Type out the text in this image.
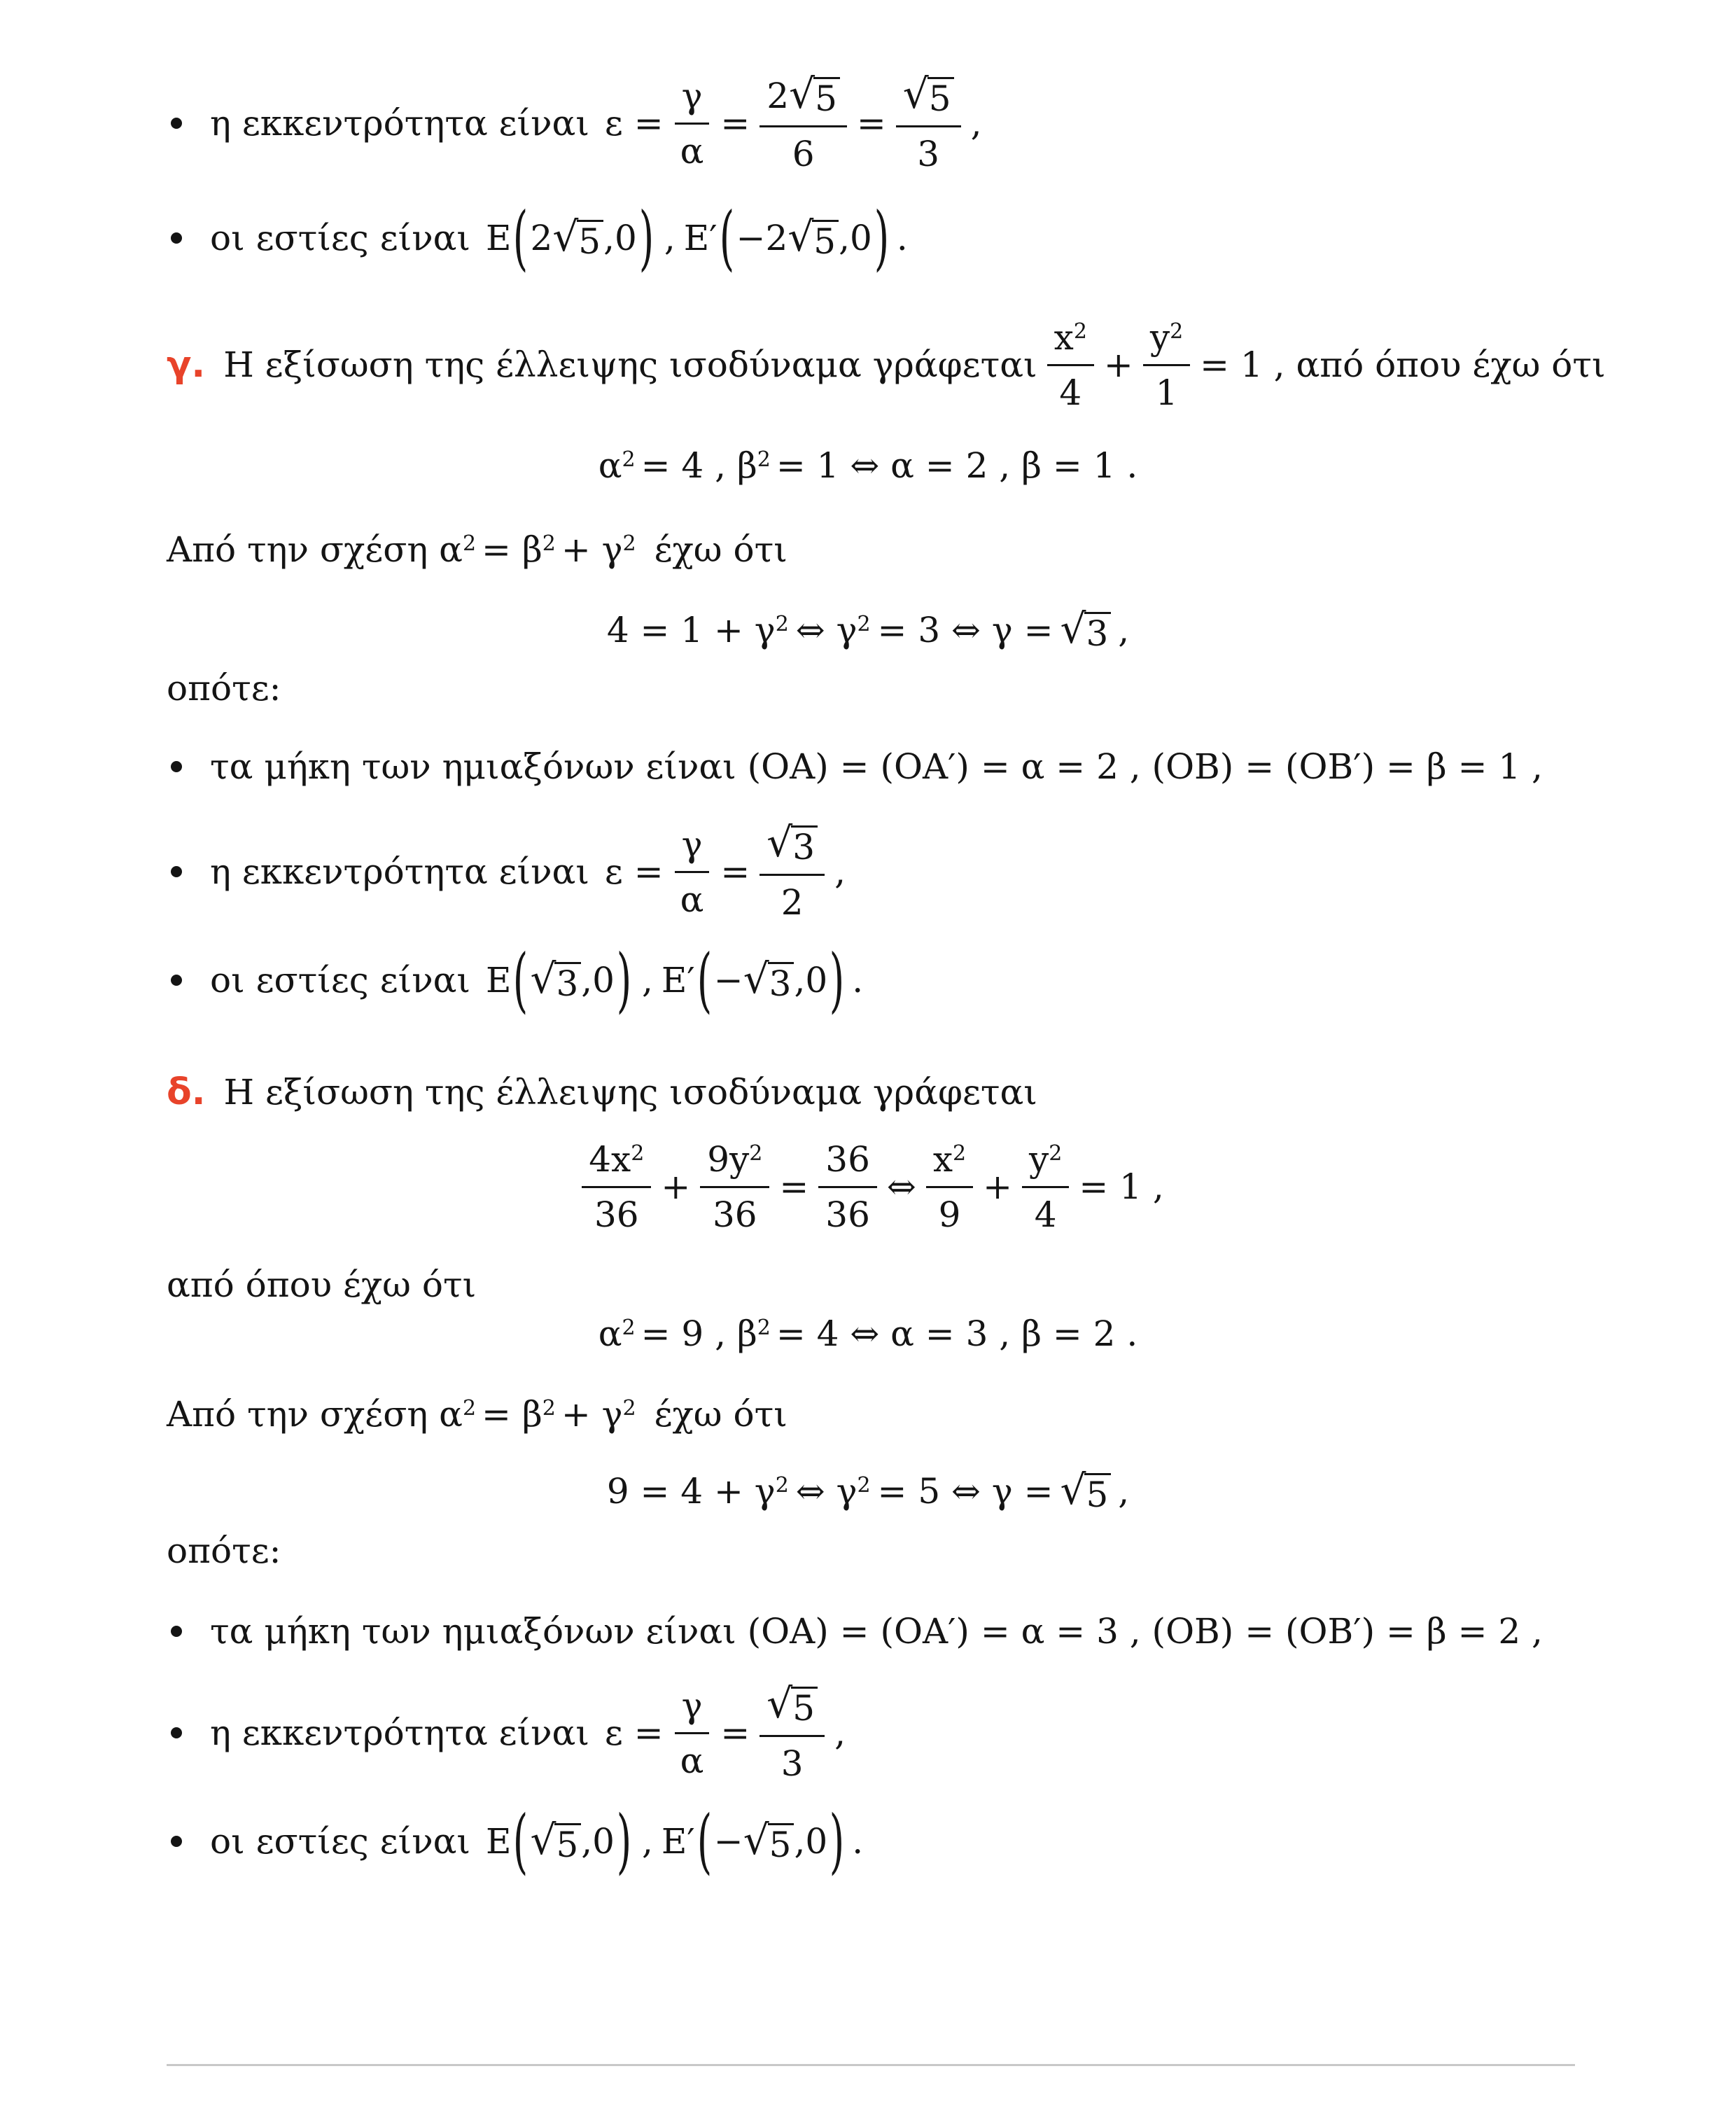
η εκκεντρότητα είναι $\varepsilon = \frac{\gamma}{\alpha} = \frac{2 √ 5}{6} = \frac{√ 5}{3}$ ,
οι εστίες είναι E ( 2 √ 5 ,0 ) , E′ ( −2 √ 5 ,0 ) .
γ. Η εξίσωση της έλλειψης ισοδύναμα γράφεται $\frac{x^2}{4} + \frac{y^2}{1} = 1$ , από όπου έχω ότι
$\alpha^2 = 4$ , $\beta^2 = 1$ ⇔ α = 2 , β = 1 .
Από την σχέση $\alpha^2 = \beta^2 + \gamma^2$ έχω ότι
$4 = 1 + \gamma^2$ ⇔ $\gamma^2 = 3$ ⇔ γ = √ 3 ,
οπότε:
τα μήκη των ημιαξόνων είναι (OA) = (OA′) = α = 2 , (OB) = (OB′) = β = 1 ,
η εκκεντρότητα είναι $\varepsilon = \frac{\gamma}{\alpha} = \frac{√ 3}{2}$ ,
οι εστίες είναι E ( √ 3 ,0 ) , E′ ( − √ 3 ,0 ) .
δ. Η εξίσωση της έλλειψης ισοδύναμα γράφεται
$\frac{4x^2}{36} + \frac{9y^2}{36} = \frac{36}{36}$ ⇔ $\frac{x^2}{9} + \frac{y^2}{4} = 1$ ,
από όπου έχω ότι
$\alpha^2 = 9$ , $\beta^2 = 4$ ⇔ α = 3 , β = 2 .
Από την σχέση $\alpha^2 = \beta^2 + \gamma^2$ έχω ότι
$9 = 4 + \gamma^2$ ⇔ $\gamma^2 = 5$ ⇔ γ = √ 5 ,
οπότε:
τα μήκη των ημιαξόνων είναι (OA) = (OA′) = α = 3 , (OB) = (OB′) = β = 2 ,
η εκκεντρότητα είναι $\varepsilon = \frac{\gamma}{\alpha} = \frac{√ 5}{3}$ ,
οι εστίες είναι E ( √ 5 ,0 ) , E′ ( − √ 5 ,0 ) .
